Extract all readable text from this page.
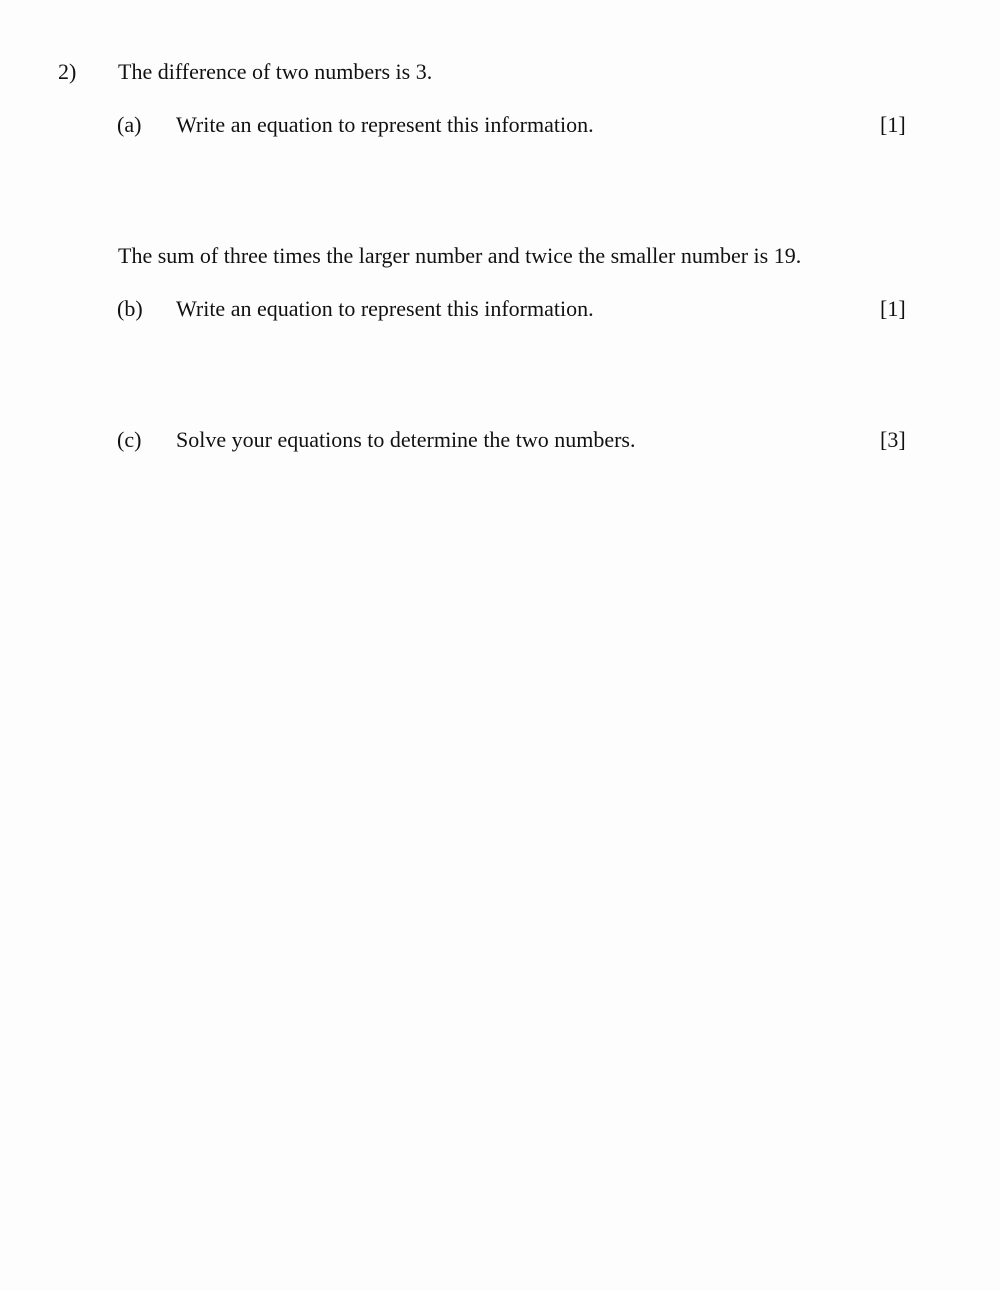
2) The difference of two numbers is 3.
(a) Write an equation to represent this information.	[1]
The sum of three times the larger number and twice the smaller number is 19.
(b) Write an equation to represent this information.	[1]
(c) Solve your equations to determine the two numbers.	[3]
